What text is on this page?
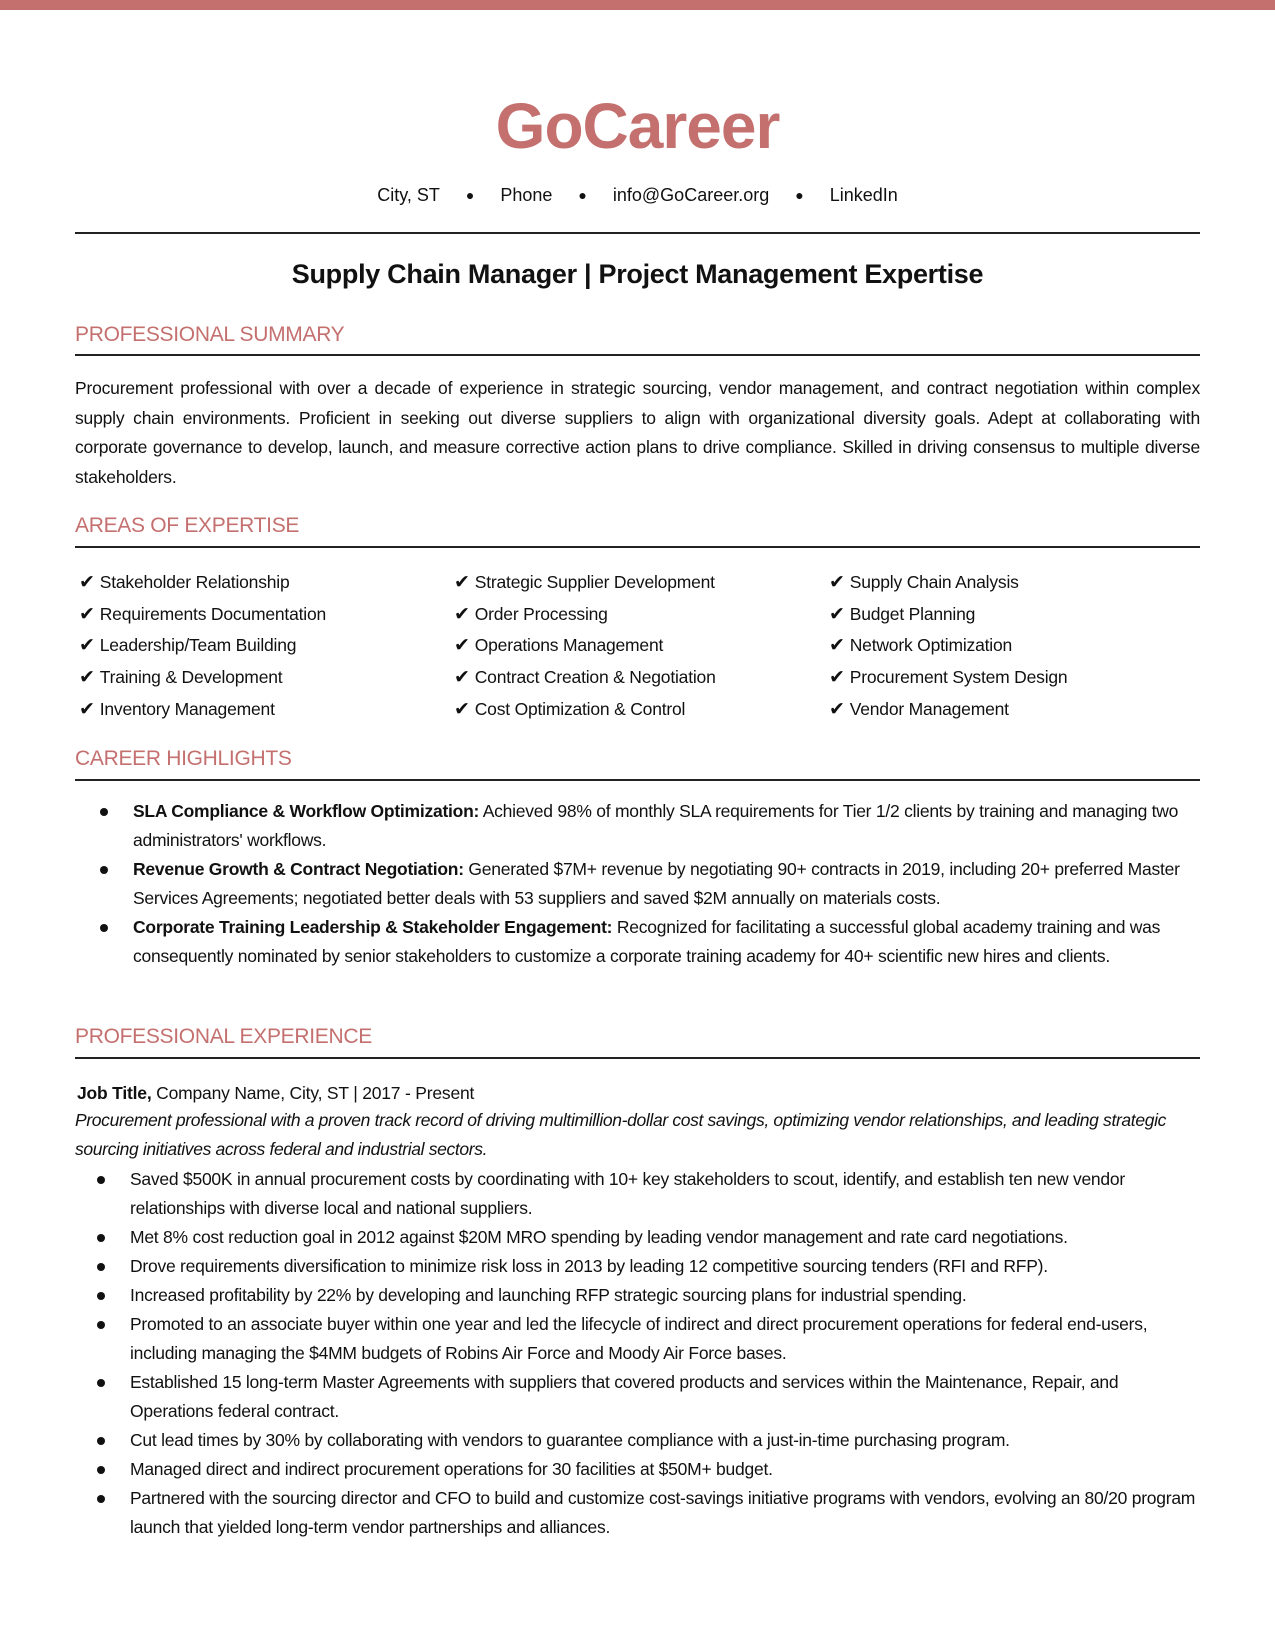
GoCareer
City, ST ● Phone ● info@GoCareer.org ● LinkedIn
Supply Chain Manager | Project Management Expertise
PROFESSIONAL SUMMARY
Procurement professional with over a decade of experience in strategic sourcing, vendor management, and contract negotiation within complex supply chain environments. Proficient in seeking out diverse suppliers to align with organizational diversity goals. Adept at collaborating with corporate governance to develop, launch, and measure corrective action plans to drive compliance. Skilled in driving consensus to multiple diverse stakeholders.
AREAS OF EXPERTISE
✔ Stakeholder Relationship
✔ Requirements Documentation
✔ Leadership/Team Building
✔ Training & Development
✔ Inventory Management
✔ Strategic Supplier Development
✔ Order Processing
✔ Operations Management
✔ Contract Creation & Negotiation
✔ Cost Optimization & Control
✔ Supply Chain Analysis
✔ Budget Planning
✔ Network Optimization
✔ Procurement System Design
✔ Vendor Management
CAREER HIGHLIGHTS
SLA Compliance & Workflow Optimization: Achieved 98% of monthly SLA requirements for Tier 1/2 clients by training and managing two administrators' workflows.
Revenue Growth & Contract Negotiation: Generated $7M+ revenue by negotiating 90+ contracts in 2019, including 20+ preferred Master Services Agreements; negotiated better deals with 53 suppliers and saved $2M annually on materials costs.
Corporate Training Leadership & Stakeholder Engagement: Recognized for facilitating a successful global academy training and was consequently nominated by senior stakeholders to customize a corporate training academy for 40+ scientific new hires and clients.
PROFESSIONAL EXPERIENCE
Job Title, Company Name, City, ST | 2017 - Present
Procurement professional with a proven track record of driving multimillion-dollar cost savings, optimizing vendor relationships, and leading strategic sourcing initiatives across federal and industrial sectors.
Saved $500K in annual procurement costs by coordinating with 10+ key stakeholders to scout, identify, and establish ten new vendor relationships with diverse local and national suppliers.
Met 8% cost reduction goal in 2012 against $20M MRO spending by leading vendor management and rate card negotiations.
Drove requirements diversification to minimize risk loss in 2013 by leading 12 competitive sourcing tenders (RFI and RFP).
Increased profitability by 22% by developing and launching RFP strategic sourcing plans for industrial spending.
Promoted to an associate buyer within one year and led the lifecycle of indirect and direct procurement operations for federal end-users, including managing the $4MM budgets of Robins Air Force and Moody Air Force bases.
Established 15 long-term Master Agreements with suppliers that covered products and services within the Maintenance, Repair, and Operations federal contract.
Cut lead times by 30% by collaborating with vendors to guarantee compliance with a just-in-time purchasing program.
Managed direct and indirect procurement operations for 30 facilities at $50M+ budget.
Partnered with the sourcing director and CFO to build and customize cost-savings initiative programs with vendors, evolving an 80/20 program launch that yielded long-term vendor partnerships and alliances.
